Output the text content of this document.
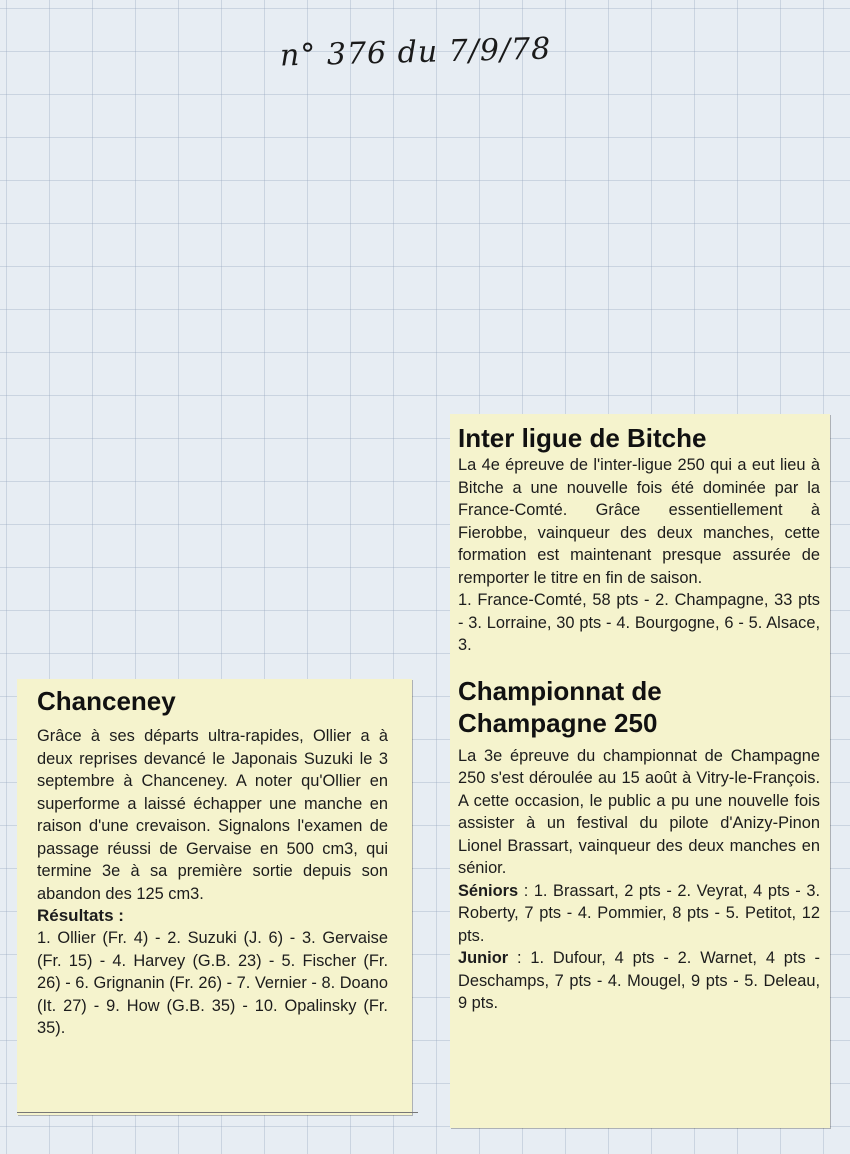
n° 376 du 7/9/78

Inter ligue de Bitche

La 4e épreuve de l'inter-ligue 250 qui a eut lieu à Bitche a une nouvelle fois été dominée par la France-Comté. Grâce essentiellement à Fierobbe, vainqueur des deux manches, cette formation est maintenant presque assurée de remporter le titre en fin de saison.

1. France-Comté, 58 pts - 2. Champagne, 33 pts - 3. Lorraine, 30 pts - 4. Bourgogne, 6 - 5. Alsace, 3.

Championnat de
Champagne 250

La 3e épreuve du championnat de Champagne 250 s'est déroulée au 15 août à Vitry-le-François. A cette occasion, le public a pu une nouvelle fois assister à un festival du pilote d'Anizy-Pinon Lionel Brassart, vainqueur des deux manches en sénior.

Séniors : 1. Brassart, 2 pts - 2. Veyrat, 4 pts - 3. Roberty, 7 pts - 4. Pommier, 8 pts - 5. Petitot, 12 pts.

Junior : 1. Dufour, 4 pts - 2. Warnet, 4 pts - Deschamps, 7 pts - 4. Mougel, 9 pts - 5. Deleau, 9 pts.

Chanceney

Grâce à ses départs ultra-rapides, Ollier a à deux reprises devancé le Japonais Suzuki le 3 septembre à Chanceney. A noter qu'Ollier en superforme a laissé échapper une manche en raison d'une crevaison. Signalons l'examen de passage réussi de Gervaise en 500 cm3, qui termine 3e à sa première sortie depuis son abandon des 125 cm3.

Résultats :

1. Ollier (Fr. 4) - 2. Suzuki (J. 6) - 3. Gervaise (Fr. 15) - 4. Harvey (G.B. 23) - 5. Fischer (Fr. 26) - 6. Grignanin (Fr. 26) - 7. Vernier - 8. Doano (It. 27) - 9. How (G.B. 35) - 10. Opalinsky (Fr. 35).
